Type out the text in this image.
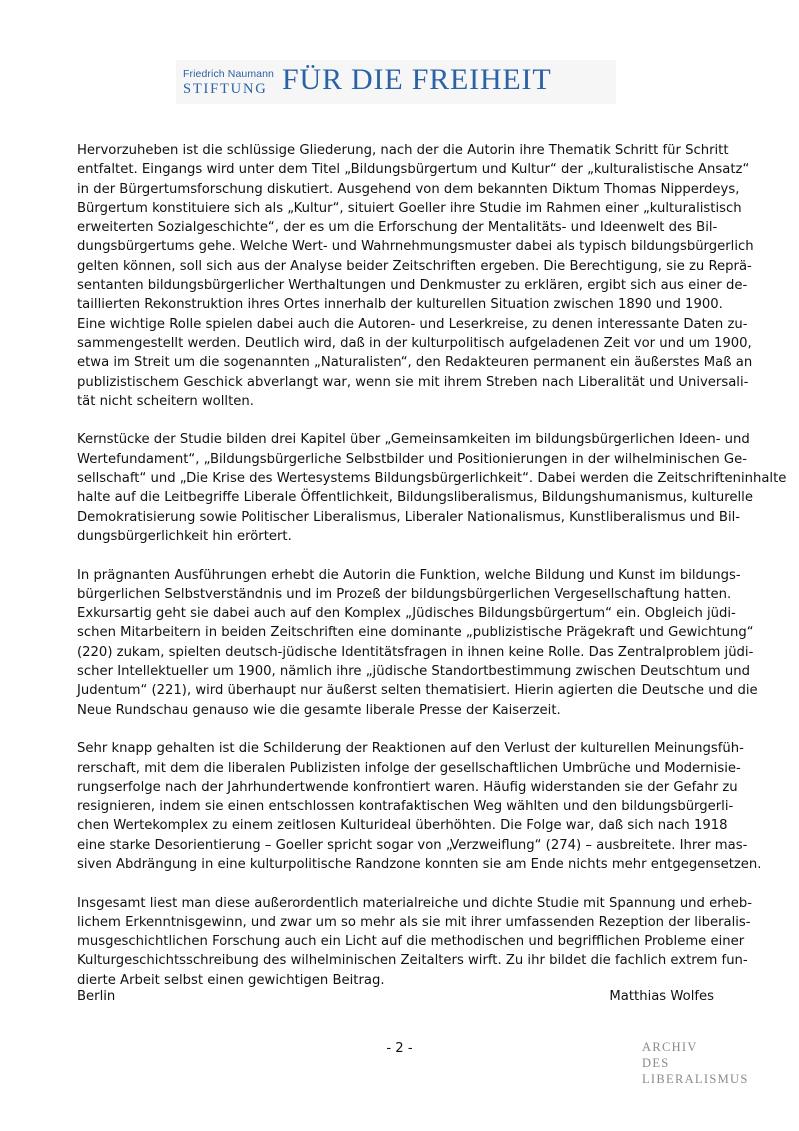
Friedrich Naumann
STIFTUNG FÜR DIE FREIHEIT

Hervorzuheben ist die schlüssige Gliederung, nach der die Autorin ihre Thematik Schritt für Schritt
entfaltet. Eingangs wird unter dem Titel „Bildungsbürgertum und Kultur“ der „kulturalistische Ansatz“
in der Bürgertumsforschung diskutiert. Ausgehend von dem bekannten Diktum Thomas Nipperdeys,
Bürgertum konstituiere sich als „Kultur“, situiert Goeller ihre Studie im Rahmen einer „kulturalistisch
erweiterten Sozialgeschichte“, der es um die Erforschung der Mentalitäts- und Ideenwelt des Bil-
dungsbürgertums gehe. Welche Wert- und Wahrnehmungsmuster dabei als typisch bildungsbürgerlich
gelten können, soll sich aus der Analyse beider Zeitschriften ergeben. Die Berechtigung, sie zu Reprä-
sentanten bildungsbürgerlicher Werthaltungen und Denkmuster zu erklären, ergibt sich aus einer de-
taillierten Rekonstruktion ihres Ortes innerhalb der kulturellen Situation zwischen 1890 und 1900.
Eine wichtige Rolle spielen dabei auch die Autoren- und Leserkreise, zu denen interessante Daten zu-
sammengestellt werden. Deutlich wird, daß in der kulturpolitisch aufgeladenen Zeit vor und um 1900,
etwa im Streit um die sogenannten „Naturalisten“, den Redakteuren permanent ein äußerstes Maß an
publizistischem Geschick abverlangt war, wenn sie mit ihrem Streben nach Liberalität und Universali-
tät nicht scheitern wollten.

Kernstücke der Studie bilden drei Kapitel über „Gemeinsamkeiten im bildungsbürgerlichen Ideen- und
Wertefundament“, „Bildungsbürgerliche Selbstbilder und Positionierungen in der wilhelminischen Ge-
sellschaft“ und „Die Krise des Wertesystems Bildungsbürgerlichkeit“. Dabei werden die Zeitschrifteninhalte
halte auf die Leitbegriffe Liberale Öffentlichkeit, Bildungsliberalismus, Bildungshumanismus, kulturelle
Demokratisierung sowie Politischer Liberalismus, Liberaler Nationalismus, Kunstliberalismus und Bil-
dungsbürgerlichkeit hin erörtert.

In prägnanten Ausführungen erhebt die Autorin die Funktion, welche Bildung und Kunst im bildungs-
bürgerlichen Selbstverständnis und im Prozeß der bildungsbürgerlichen Vergesellschaftung hatten.
Exkursartig geht sie dabei auch auf den Komplex „Jüdisches Bildungsbürgertum“ ein. Obgleich jüdi-
schen Mitarbeitern in beiden Zeitschriften eine dominante „publizistische Prägekraft und Gewichtung“
(220) zukam, spielten deutsch-jüdische Identitätsfragen in ihnen keine Rolle. Das Zentralproblem jüdi-
scher Intellektueller um 1900, nämlich ihre „jüdische Standortbestimmung zwischen Deutschtum und
Judentum“ (221), wird überhaupt nur äußerst selten thematisiert. Hierin agierten die Deutsche und die
Neue Rundschau genauso wie die gesamte liberale Presse der Kaiserzeit.

Sehr knapp gehalten ist die Schilderung der Reaktionen auf den Verlust der kulturellen Meinungsfüh-
rerschaft, mit dem die liberalen Publizisten infolge der gesellschaftlichen Umbrüche und Modernisie-
rungserfolge nach der Jahrhundertwende konfrontiert waren. Häufig widerstanden sie der Gefahr zu
resignieren, indem sie einen entschlossen kontrafaktischen Weg wählten und den bildungsbürgerli-
chen Wertekomplex zu einem zeitlosen Kulturideal überhöhten. Die Folge war, daß sich nach 1918
eine starke Desorientierung – Goeller spricht sogar von „Verzweiflung“ (274) – ausbreitete. Ihrer mas-
siven Abdrängung in eine kulturpolitische Randzone konnten sie am Ende nichts mehr entgegensetzen.

Insgesamt liest man diese außerordentlich materialreiche und dichte Studie mit Spannung und erheb-
lichem Erkenntnisgewinn, und zwar um so mehr als sie mit ihrer umfassenden Rezeption der liberalis-
musgeschichtlichen Forschung auch ein Licht auf die methodischen und begrifflichen Probleme einer
Kulturgeschichtsschreibung des wilhelminischen Zeitalters wirft. Zu ihr bildet die fachlich extrem fun-
dierte Arbeit selbst einen gewichtigen Beitrag.

Berlin	Matthias Wolfes
- 2 -	ARCHIV
DES
LIBERALISMUS
